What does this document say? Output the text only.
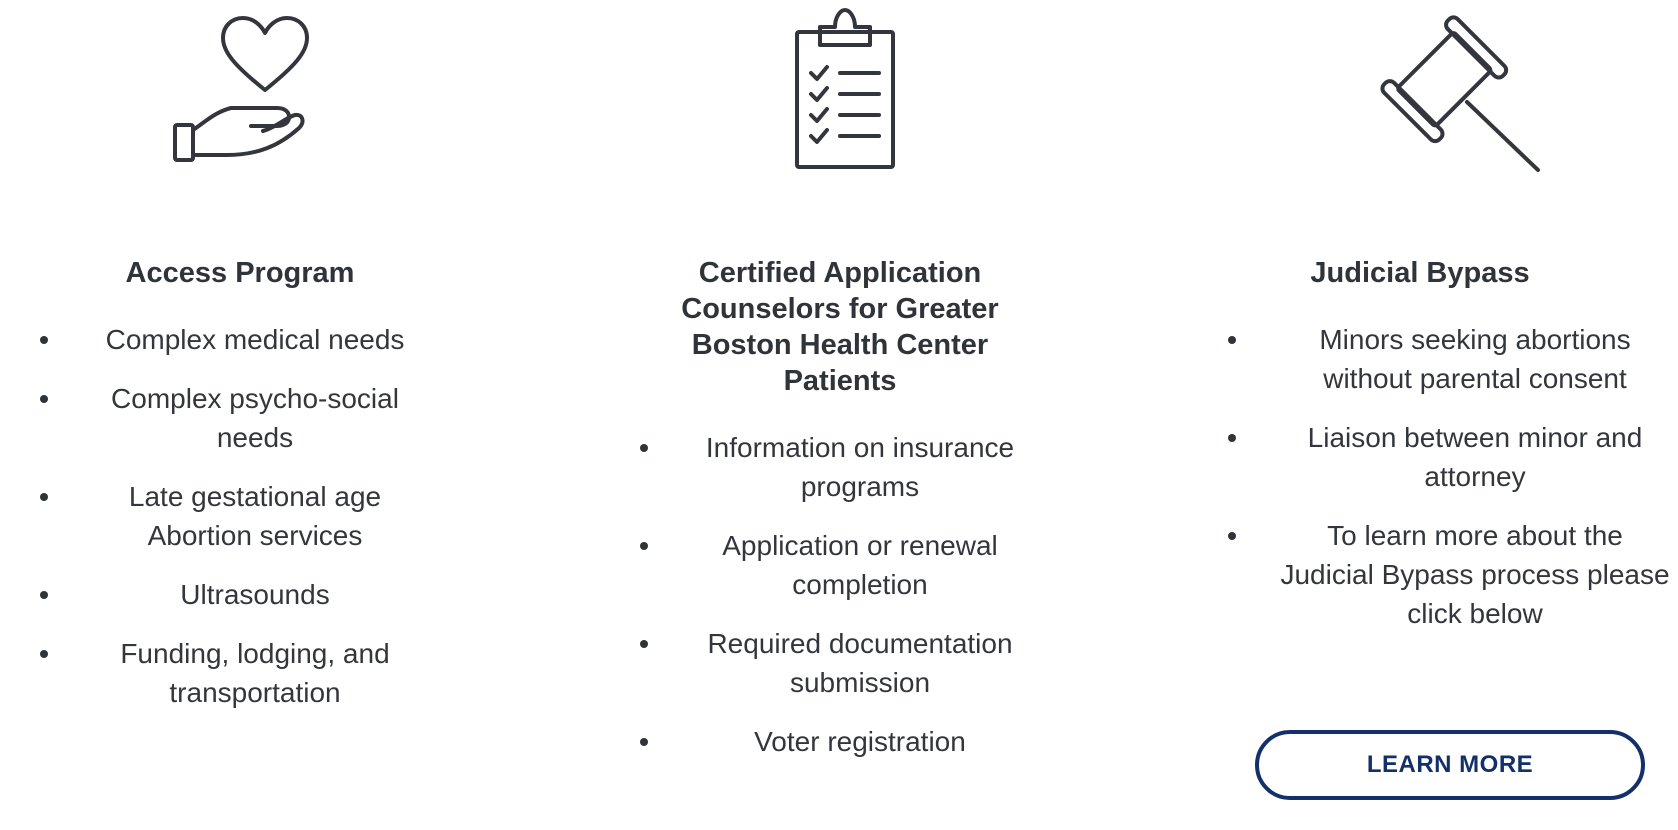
Access Program
Complex medical needs
Complex psycho-social needs
Late gestational age Abortion services
Ultrasounds
Funding, lodging, and transportation
Certified Application Counselors for Greater Boston Health Center Patients
Information on insurance programs
Application or renewal completion
Required documentation submission
Voter registration
Judicial Bypass
Minors seeking abortions without parental consent
Liaison between minor and attorney
To learn more about the Judicial Bypass process please click below
LEARN MORE
